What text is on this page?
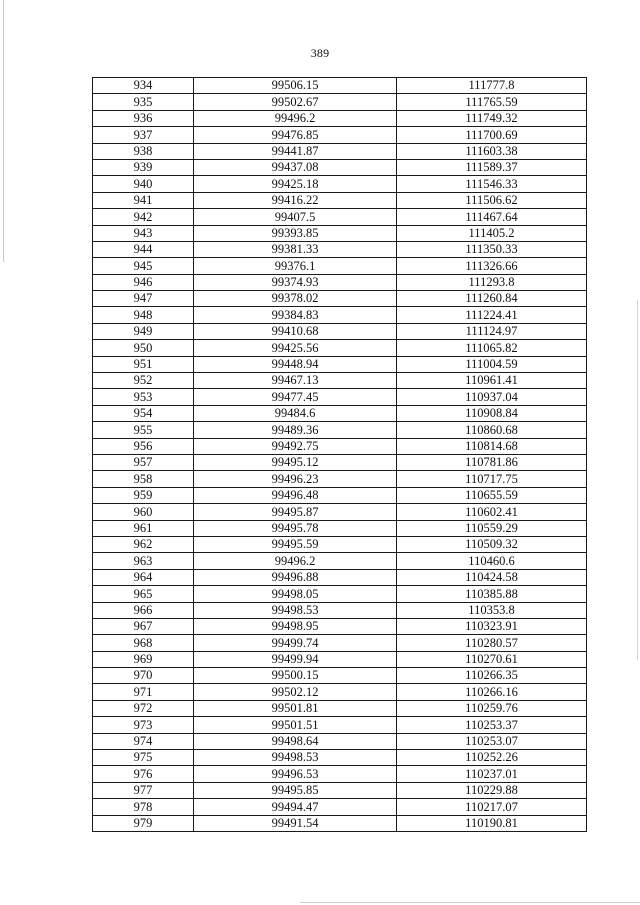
389
934	99506.15	111777.8
935	99502.67	111765.59
936	99496.2	111749.32
937	99476.85	111700.69
938	99441.87	111603.38
939	99437.08	111589.37
940	99425.18	111546.33
941	99416.22	111506.62
942	99407.5	111467.64
943	99393.85	111405.2
944	99381.33	111350.33
945	99376.1	111326.66
946	99374.93	111293.8
947	99378.02	111260.84
948	99384.83	111224.41
949	99410.68	111124.97
950	99425.56	111065.82
951	99448.94	111004.59
952	99467.13	110961.41
953	99477.45	110937.04
954	99484.6	110908.84
955	99489.36	110860.68
956	99492.75	110814.68
957	99495.12	110781.86
958	99496.23	110717.75
959	99496.48	110655.59
960	99495.87	110602.41
961	99495.78	110559.29
962	99495.59	110509.32
963	99496.2	110460.6
964	99496.88	110424.58
965	99498.05	110385.88
966	99498.53	110353.8
967	99498.95	110323.91
968	99499.74	110280.57
969	99499.94	110270.61
970	99500.15	110266.35
971	99502.12	110266.16
972	99501.81	110259.76
973	99501.51	110253.37
974	99498.64	110253.07
975	99498.53	110252.26
976	99496.53	110237.01
977	99495.85	110229.88
978	99494.47	110217.07
979	99491.54	110190.81
